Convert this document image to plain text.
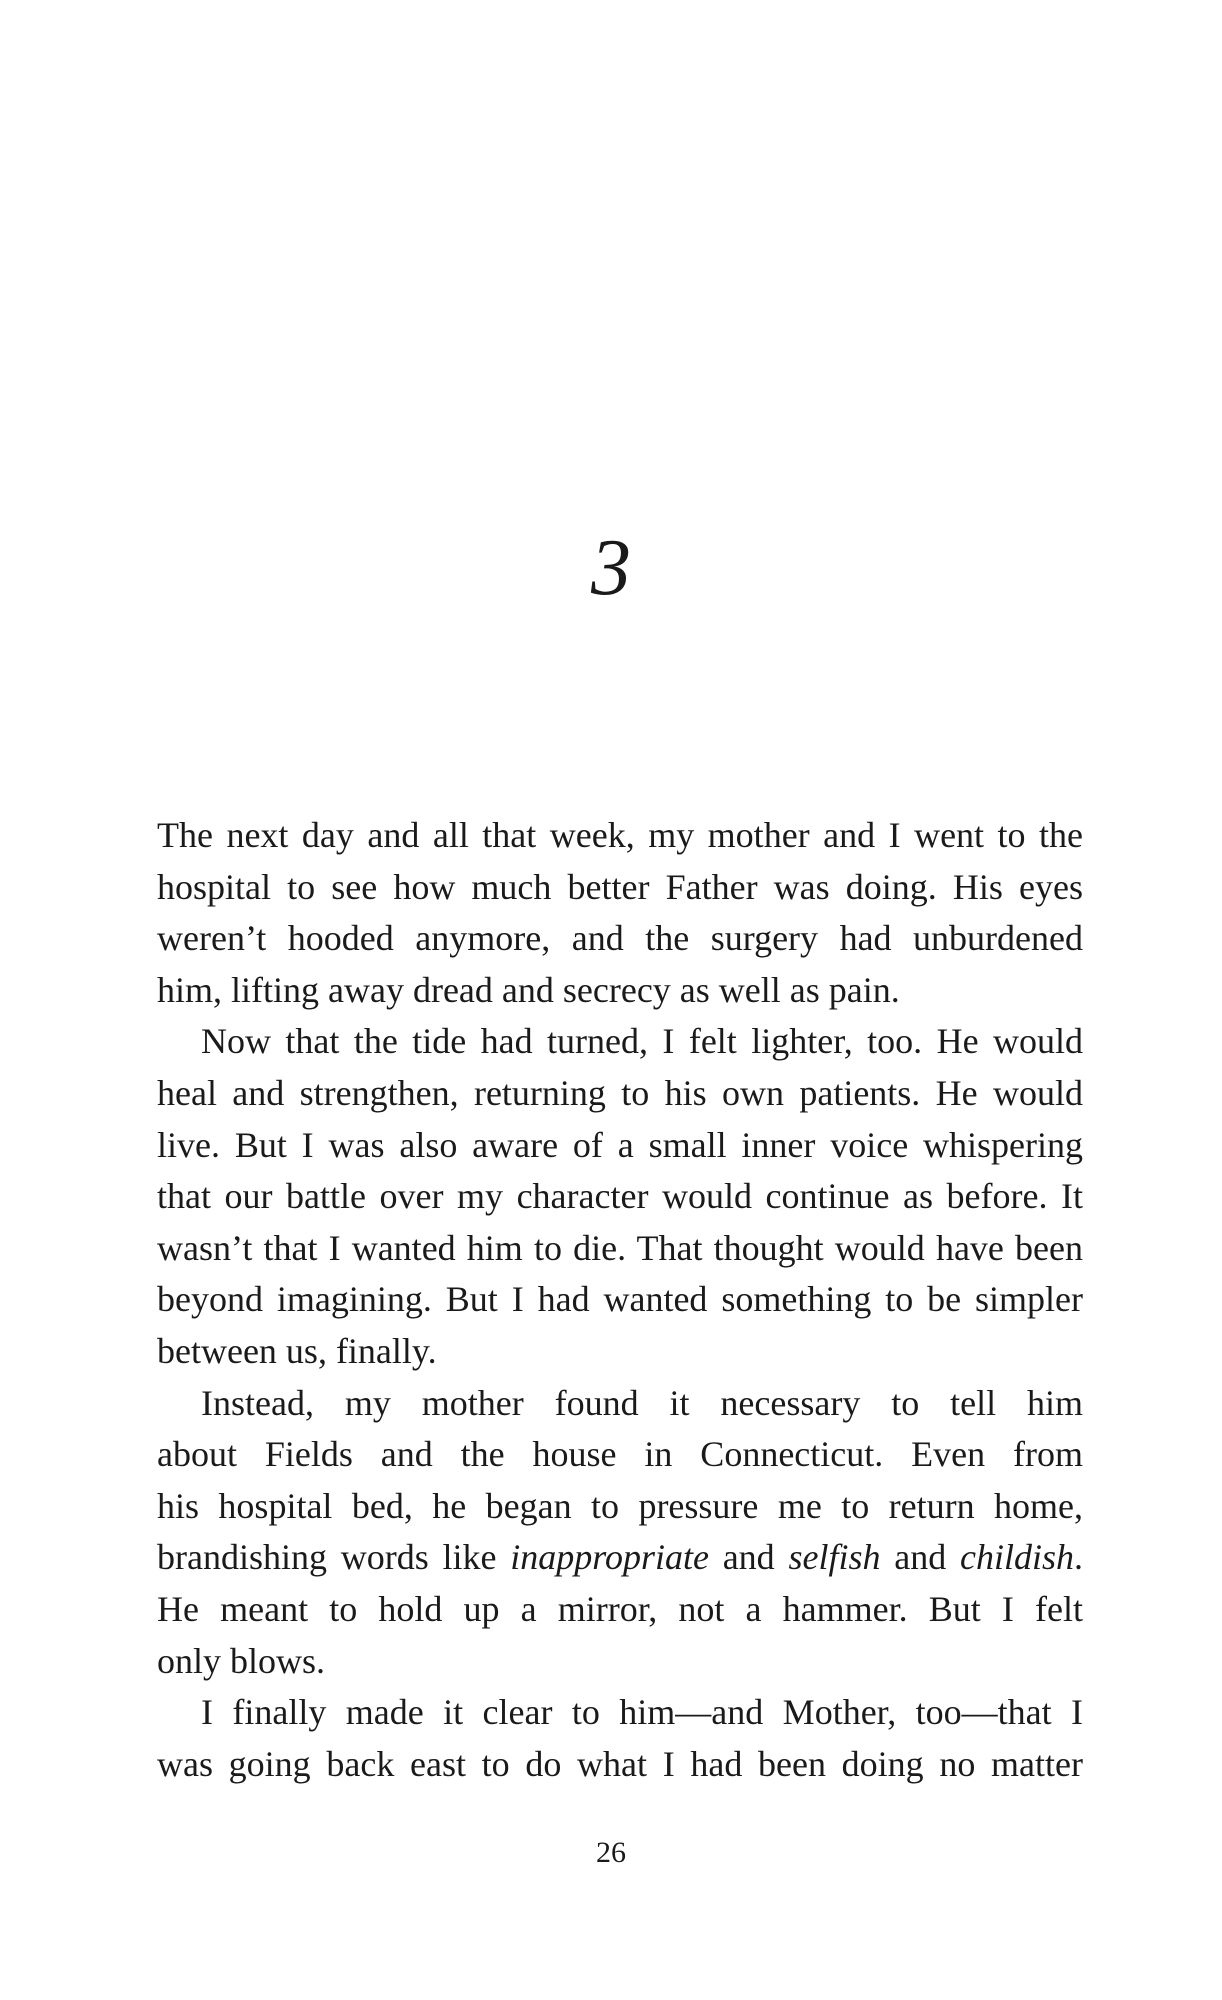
3
The next day and all that week, my mother and I went to the
hospital to see how much better Father was doing. His eyes
weren’t hooded anymore, and the surgery had unburdened
him, lifting away dread and secrecy as well as pain.
Now that the tide had turned, I felt lighter, too. He would
heal and strengthen, returning to his own patients. He would
live. But I was also aware of a small inner voice whispering
that our battle over my character would continue as before. It
wasn’t that I wanted him to die. That thought would have been
beyond imagining. But I had wanted something to be simpler
between us, finally.
Instead, my mother found it necessary to tell him
about Fields and the house in Connecticut. Even from
his hospital bed, he began to pressure me to return home,
brandishing words like inappropriate and selfish and childish.
He meant to hold up a mirror, not a hammer. But I felt
only blows.
I finally made it clear to him—and Mother, too—that I
was going back east to do what I had been doing no matter
26
